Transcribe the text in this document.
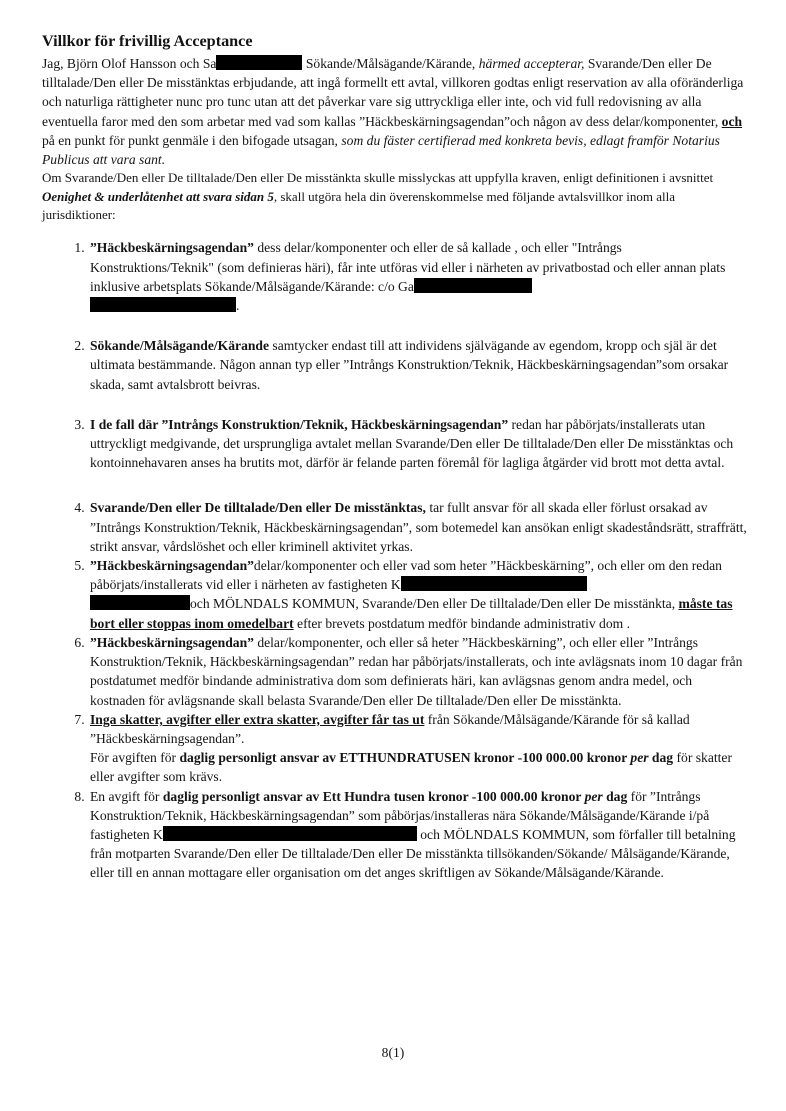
Villkor för frivillig Acceptance

Jag, Björn Olof Hansson och Sa	Sökande/Målsägande/Kärande, härmed accepterar, Svarande/Den eller De tilltalade/Den eller De misstänktas erbjudande, att ingå formellt ett avtal, villkoren godtas enligt reservation av alla oföränderliga och naturliga rättigheter nunc pro tunc utan att det påverkar vare sig uttryckliga eller inte, och vid full redovisning av alla eventuella faror med den som arbetar med vad som kallas ”Häckbeskärningsagendan”och någon av dess delar/komponenter, och på en punkt för punkt genmäle i den bifogade utsagan, som du fäster certifierad med konkreta bevis, edlagt framför Notarius Publicus att vara sant.

Om Svarande/Den eller De tilltalade/Den eller De misstänkta skulle misslyckas att uppfylla kraven, enligt definitionen i avsnittet Oenighet & underlåtenhet att svara sidan 5, skall utgöra hela din överenskommelse med följande avtalsvillkor inom alla jurisdiktioner:

1. ”Häckbeskärningsagendan” dess delar/komponenter och eller de så kallade , och eller "Intrångs Konstruktions/Teknik" (som definieras häri), får inte utföras vid eller i närheten av privatbostad och eller annan plats inklusive arbetsplats Sökande/Målsägande/Kärande: c/o Ga
.
2. Sökande/Målsägande/Kärande samtycker endast till att individens självägande av egendom, kropp och själ är det ultimata bestämmande. Någon annan typ eller ”Intrångs Konstruktion/Teknik, Häckbeskärningsagendan”som orsakar skada, samt avtalsbrott beivras.
3. I de fall där ”Intrångs Konstruktion/Teknik, Häckbeskärningsagendan” redan har påbörjats/installerats utan uttryckligt medgivande, det ursprungliga avtalet mellan Svarande/Den eller De tilltalade/Den eller De misstänktas och kontoinnehavaren anses ha brutits mot, därför är felande parten föremål för lagliga åtgärder vid brott mot detta avtal.
4. Svarande/Den eller De tilltalade/Den eller De misstänktas, tar fullt ansvar för all skada eller förlust orsakad av ”Intrångs Konstruktion/Teknik, Häckbeskärningsagendan”, som botemedel kan ansökan enligt skadeståndsrätt, straffrätt, strikt ansvar, vårdslöshet och eller kriminell aktivitet yrkas.
5. ”Häckbeskärningsagendan”delar/komponenter och eller vad som heter ”Häckbeskärning”, och eller om den redan påbörjats/installerats vid eller i närheten av fastigheten K
och MÖLNDALS KOMMUN, Svarande/Den eller De tilltalade/Den eller De misstänkta, måste tas bort eller stoppas inom omedelbart efter brevets postdatum medför bindande administrativ dom .
6. ”Häckbeskärningsagendan” delar/komponenter, och eller så heter ”Häckbeskärning”, och eller eller ”Intrångs Konstruktion/Teknik, Häckbeskärningsagendan” redan har påbörjats/installerats, och inte avlägsnats inom 10 dagar från postdatumet medför bindande administrativa dom som definierats häri, kan avlägsnas genom andra medel, och kostnaden för avlägsnande skall belasta Svarande/Den eller De tilltalade/Den eller De misstänkta.
7. Inga skatter, avgifter eller extra skatter, avgifter får tas ut från Sökande/Målsägande/Kärande för så kallad ”Häckbeskärningsagendan”.
För avgiften för daglig personligt ansvar av ETTHUNDRATUSEN kronor -100 000.00 kronor per dag för skatter eller avgifter som krävs.
8. En avgift för daglig personligt ansvar av Ett Hundra tusen kronor -100 000.00 kronor per dag för ”Intrångs Konstruktion/Teknik, Häckbeskärningsagendan” som påbörjas/installeras nära Sökande/Målsägande/Kärande i/på fastigheten K	och MÖLNDALS KOMMUN, som förfaller till betalning från motparten Svarande/Den eller De tilltalade/Den eller De misstänkta tillsökanden/Sökande/ Målsägande/Kärande, eller till en annan mottagare eller organisation om det anges skriftligen av Sökande/Målsägande/Kärande.
8(1)
